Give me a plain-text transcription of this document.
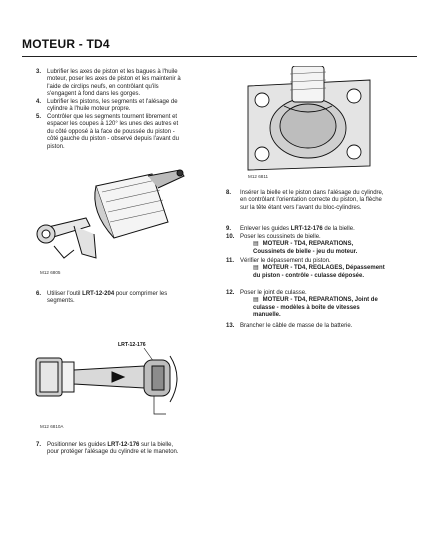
MOTEUR - TD4
3. Lubrifier les axes de piston et les bagues à l'huile moteur, poser les axes de piston et les maintenir à l'aide de circlips neufs, en contrôlant qu'ils s'engagent à fond dans les gorges.
4. Lubrifier les pistons, les segments et l'alésage de cylindre à l'huile moteur propre.
5. Contrôler que les segments tournent librement et espacer les coupes à 120° les unes des autres et du côté opposé à la face de poussée du piston - côté gauche du piston - observé depuis l'avant du piston.
M12 6805
6. Utiliser l'outil LRT-12-204 pour comprimer les segments.
LRT-12-176
M12 6810A
7. Positionner les guides LRT-12-176 sur la bielle, pour protéger l'alésage du cylindre et le maneton.
M12 6811
8.	Insérer la bielle et le piston dans l'alésage du cylindre, en contrôlant l'orientation correcte du piston, la flèche sur la tête étant vers l'avant du bloc-cylindres.
9.	Enlever les guides LRT-12-176 de la bielle.
10. Poser les coussinets de bielle.
▤ MOTEUR - TD4, REPARATIONS, Coussinets de bielle - jeu du moteur.
11. Vérifier le dépassement du piston.
▤ MOTEUR - TD4, REGLAGES, Dépassement du piston - contrôle - culasse déposée.
12. Poser le joint de culasse.
▤ MOTEUR - TD4, REPARATIONS, Joint de culasse - modèles à boîte de vitesses manuelle.
13. Brancher le câble de masse de la batterie.
